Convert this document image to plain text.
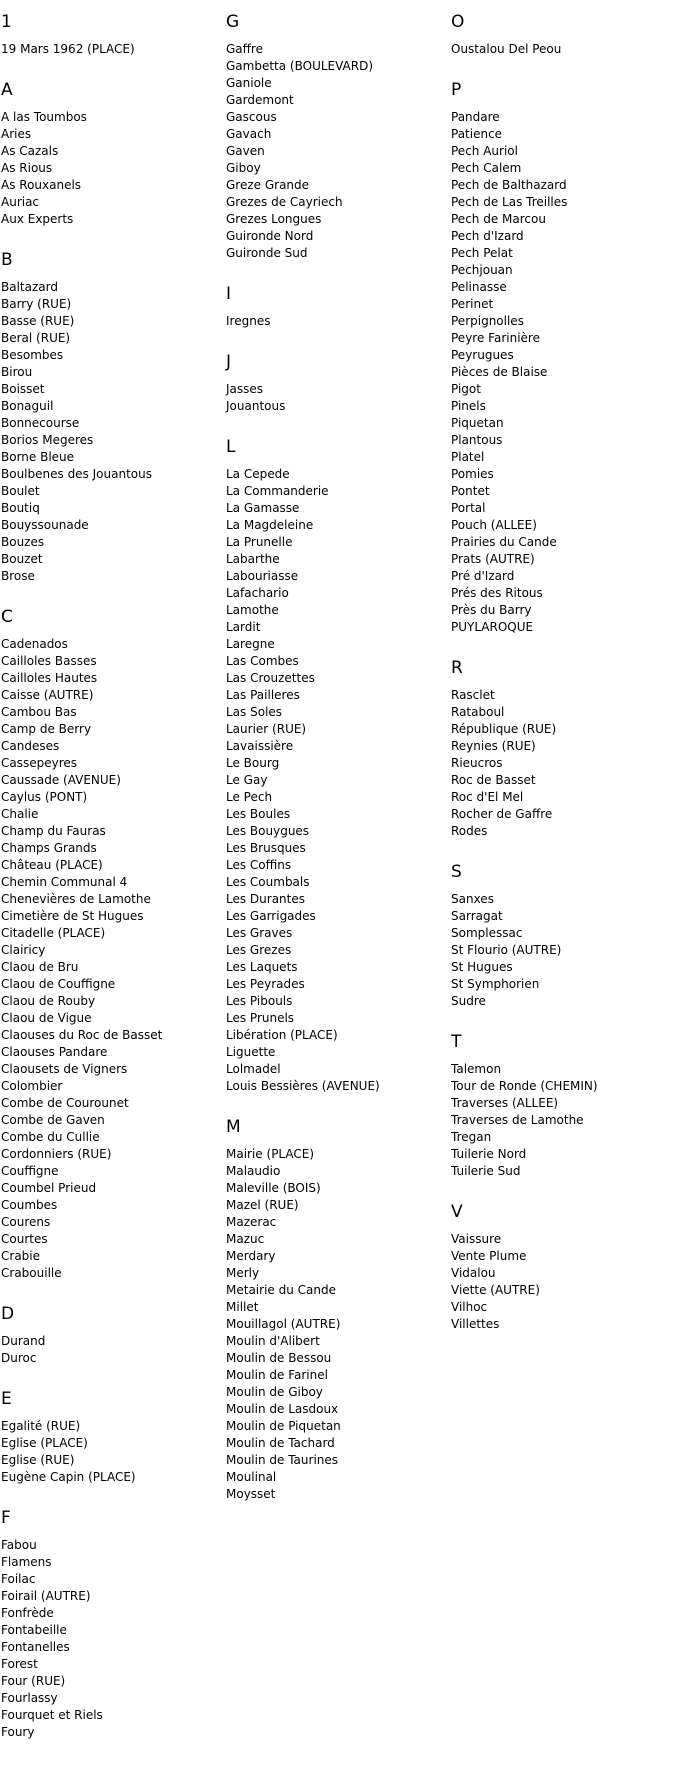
1
19 Mars 1962 (PLACE)
A
A las Toumbos
Aries
As Cazals
As Rious
As Rouxanels
Auriac
Aux Experts
B
Baltazard
Barry (RUE)
Basse (RUE)
Beral (RUE)
Besombes
Birou
Boisset
Bonaguil
Bonnecourse
Borios Megeres
Borne Bleue
Boulbenes des Jouantous
Boulet
Boutiq
Bouyssounade
Bouzes
Bouzet
Brose
C
Cadenados
Cailloles Basses
Cailloles Hautes
Caisse (AUTRE)
Cambou Bas
Camp de Berry
Candeses
Cassepeyres
Caussade (AVENUE)
Caylus (PONT)
Chalie
Champ du Fauras
Champs Grands
Château (PLACE)
Chemin Communal 4
Chenevières de Lamothe
Cimetière de St Hugues
Citadelle (PLACE)
Clairicy
Claou de Bru
Claou de Couffigne
Claou de Rouby
Claou de Vigue
Claouses du Roc de Basset
Claouses Pandare
Claousets de Vigners
Colombier
Combe de Courounet
Combe de Gaven
Combe du Cullie
Cordonniers (RUE)
Couffigne
Coumbel Prieud
Coumbes
Courens
Courtes
Crabie
Crabouille
D
Durand
Duroc
E
Egalité (RUE)
Eglise (PLACE)
Eglise (RUE)
Eugène Capin (PLACE)
F
Fabou
Flamens
Foilac
Foirail (AUTRE)
Fonfrède
Fontabeille
Fontanelles
Forest
Four (RUE)
Fourlassy
Fourquet et Riels
Foury
G
Gaffre
Gambetta (BOULEVARD)
Ganiole
Gardemont
Gascous
Gavach
Gaven
Giboy
Greze Grande
Grezes de Cayriech
Grezes Longues
Guironde Nord
Guironde Sud
I
Iregnes
J
Jasses
Jouantous
L
La Cepede
La Commanderie
La Gamasse
La Magdeleine
La Prunelle
Labarthe
Labouriasse
Lafachario
Lamothe
Lardit
Laregne
Las Combes
Las Crouzettes
Las Pailleres
Las Soles
Laurier (RUE)
Lavaissière
Le Bourg
Le Gay
Le Pech
Les Boules
Les Bouygues
Les Brusques
Les Coffins
Les Coumbals
Les Durantes
Les Garrigades
Les Graves
Les Grezes
Les Laquets
Les Peyrades
Les Pibouls
Les Prunels
Libération (PLACE)
Liguette
Lolmadel
Louis Bessières (AVENUE)
M
Mairie (PLACE)
Malaudio
Maleville (BOIS)
Mazel (RUE)
Mazerac
Mazuc
Merdary
Merly
Metairie du Cande
Millet
Mouillagol (AUTRE)
Moulin d'Alibert
Moulin de Bessou
Moulin de Farinel
Moulin de Giboy
Moulin de Lasdoux
Moulin de Piquetan
Moulin de Tachard
Moulin de Taurines
Moulinal
Moysset
O
Oustalou Del Peou
P
Pandare
Patience
Pech Auriol
Pech Calem
Pech de Balthazard
Pech de Las Treilles
Pech de Marcou
Pech d'Izard
Pech Pelat
Pechjouan
Pelinasse
Perinet
Perpignolles
Peyre Farinière
Peyrugues
Pièces de Blaise
Pigot
Pinels
Piquetan
Plantous
Platel
Pomies
Pontet
Portal
Pouch (ALLEE)
Prairies du Cande
Prats (AUTRE)
Pré d'Izard
Prés des Ritous
Près du Barry
PUYLAROQUE
R
Rasclet
Rataboul
République (RUE)
Reynies (RUE)
Rieucros
Roc de Basset
Roc d'El Mel
Rocher de Gaffre
Rodes
S
Sanxes
Sarragat
Somplessac
St Flourio (AUTRE)
St Hugues
St Symphorien
Sudre
T
Talemon
Tour de Ronde (CHEMIN)
Traverses (ALLEE)
Traverses de Lamothe
Tregan
Tuilerie Nord
Tuilerie Sud
V
Vaissure
Vente Plume
Vidalou
Viette (AUTRE)
Vilhoc
Villettes
